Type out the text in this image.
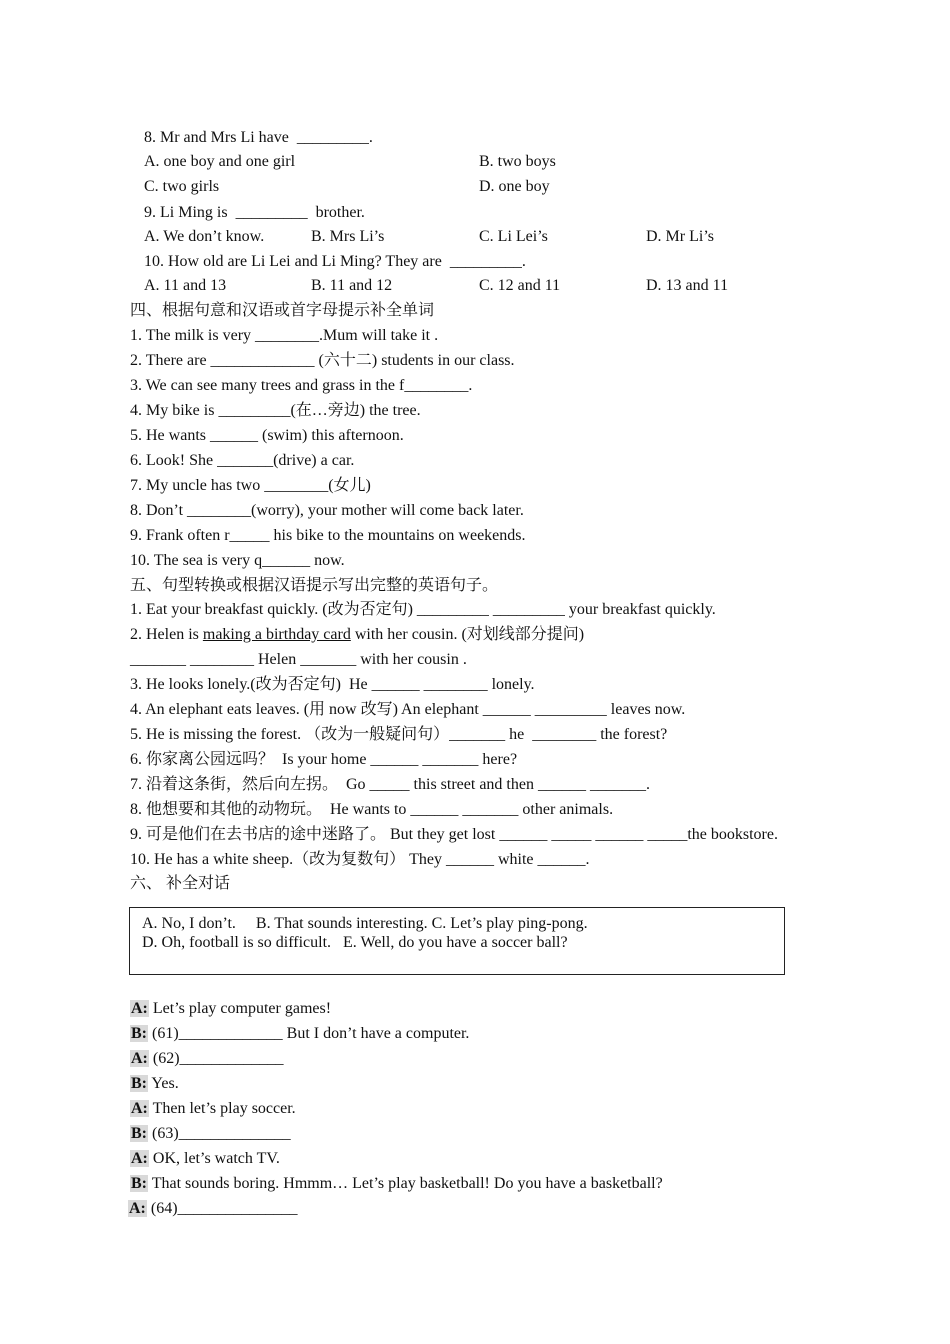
8. Mr and Mrs Li have  _________.
A. one boy and one girl	B. two boys
C. two girls	D. one boy
9. Li Ming is  _________  brother.
A. We don’t know.	B. Mrs Li’s	C. Li Lei’s	D. Mr Li’s
10. How old are Li Lei and Li Ming? They are  _________.
A. 11 and 13	B. 11 and 12	C. 12 and 11	D. 13 and 11
四、根据句意和汉语或首字母提示补全单词
1. The milk is very ________.Mum will take it .
2. There are _____________ (六十二) students in our class.
3. We can see many trees and grass in the f________.
4. My bike is _________(在…旁边) the tree.
5. He wants ______ (swim) this afternoon.
6. Look! She _______(drive) a car.
7. My uncle has two ________(女儿)
8. Don’t ________(worry), your mother will come back later.
9. Frank often r_____ his bike to the mountains on weekends.
10. The sea is very q______ now.
五、句型转换或根据汉语提示写出完整的英语句子。
1. Eat your breakfast quickly. (改为否定句) _________ _________ your breakfast quickly.
2. Helen is making a birthday card with her cousin. (对划线部分提问)
_______ ________ Helen _______ with her cousin .
3. He looks lonely.(改为否定句)  He ______ ________ lonely.
4. An elephant eats leaves. (用 now 改写) An elephant ______ _________ leaves now.
5. He is missing the forest. （改为一般疑问句）_______ he  ________ the forest?
6. 你家离公园远吗？  Is your home ______ _______ here?
7. 沿着这条街，然后向左拐。  Go _____ this street and then ______ _______.
8. 他想要和其他的动物玩。  He wants to ______ _______ other animals.
9. 可是他们在去书店的途中迷路了。 But they get lost ______ _____ ______ _____the bookstore.
10. He has a white sheep.（改为复数句） They ______ white ______.
六、 补全对话
A. No, I don’t.     B. That sounds interesting. C. Let’s play ping-pong.
D. Oh, football is so difficult.   E. Well, do you have a soccer ball?
A: Let’s play computer games!
B: (61)_____________ But I don’t have a computer.
A: (62)_____________
B: Yes.
A: Then let’s play soccer.
B: (63)______________
A: OK, let’s watch TV.
B: That sounds boring. Hmmm… Let’s play basketball! Do you have a basketball?
A: (64)_______________
